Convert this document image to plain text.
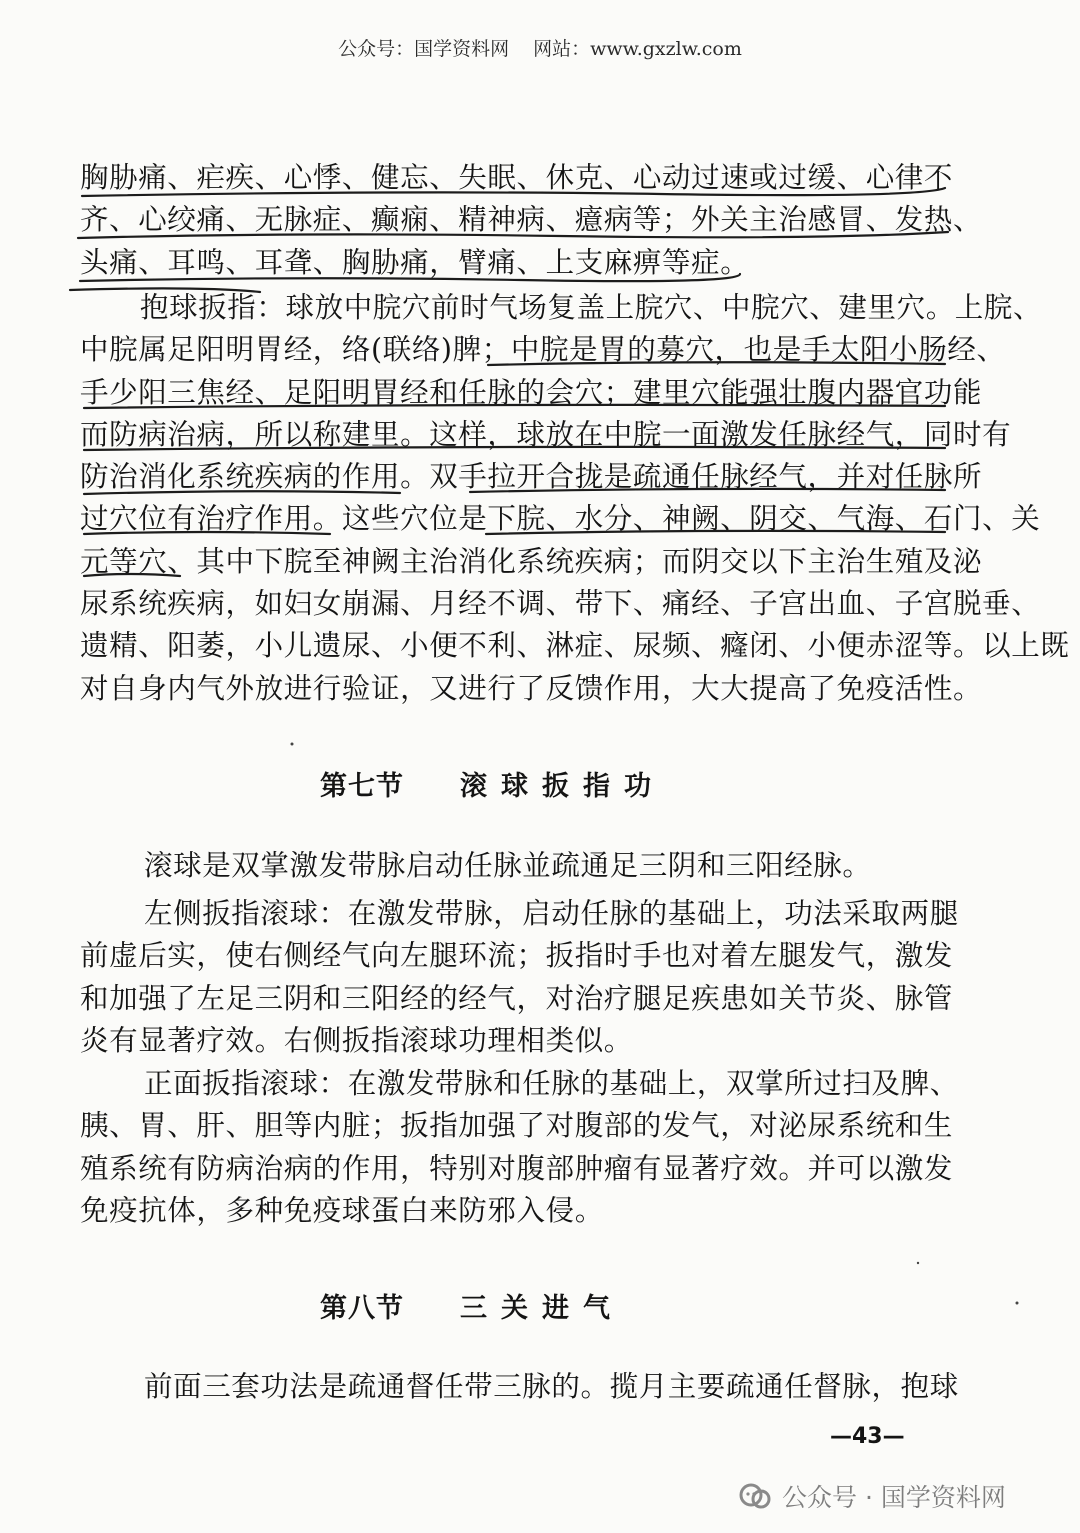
公众号：国学资料网 网站：www.gxzlw.com
胸胁痛、疟疾、心悸、健忘、失眠、休克、心动过速或过缓、心律不
齐、心绞痛、无脉症、癫痫、精神病、癔病等；外关主治感冒、发热、
头痛、耳鸣、耳聋、胸胁痛，臂痛、上支麻痹等症。
抱球扳指：球放中脘穴前时气场复盖上脘穴、中脘穴、建里穴。上脘、
中脘属足阳明胃经，络(联络)脾；中脘是胃的募穴，也是手太阳小肠经、
手少阳三焦经、足阳明胃经和任脉的会穴；建里穴能强壮腹内器官功能
而防病治病，所以称建里。这样，球放在中脘一面激发任脉经气，同时有
防治消化系统疾病的作用。双手拉开合拢是疏通任脉经气，并对任脉所
过穴位有治疗作用。这些穴位是下脘、水分、神阙、阴交、气海、石门、关
元等穴、其中下脘至神阙主治消化系统疾病；而阴交以下主治生殖及泌
尿系统疾病，如妇女崩漏、月经不调、带下、痛经、子宫出血、子宫脱垂、
遗精、阳萎，小儿遗尿、小便不利、淋症、尿频、癃闭、小便赤涩等。以上既
对自身内气外放进行验证，又进行了反馈作用，大大提高了免疫活性。
第七节 滚球扳指功
滚球是双掌激发带脉启动任脉並疏通足三阴和三阳经脉。
左侧扳指滚球：在激发带脉，启动任脉的基础上，功法采取两腿
前虚后实，使右侧经气向左腿环流；扳指时手也对着左腿发气，激发
和加强了左足三阴和三阳经的经气，对治疗腿足疾患如关节炎、脉管
炎有显著疗效。右侧扳指滚球功理相类似。
正面扳指滚球：在激发带脉和任脉的基础上，双掌所过扫及脾、
胰、胃、肝、胆等内脏；扳指加强了对腹部的发气，对泌尿系统和生
殖系统有防病治病的作用，特别对腹部肿瘤有显著疗效。并可以激发
免疫抗体，多种免疫球蛋白来防邪入侵。
第八节 三关进气
前面三套功法是疏通督任带三脉的。揽月主要疏通任督脉，抱球
—43—
公众号 · 国学资料网
